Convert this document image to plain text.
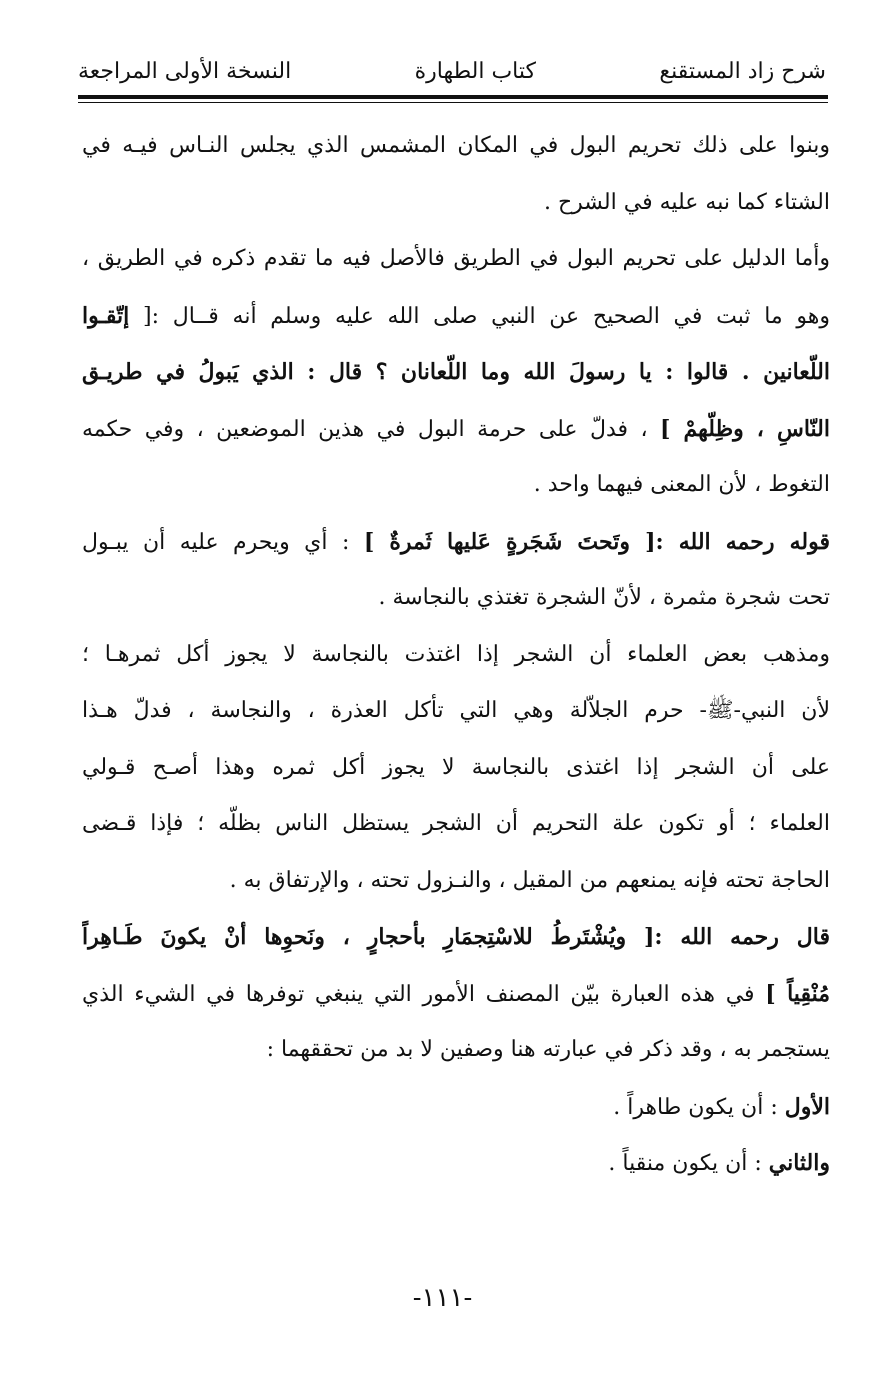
شرح زاد المستقنع
كتاب الطهارة
النسخة الأولى المراجعة
وبنوا على ذلك تحريم البول في المكان المشمس الذي يجلس النـاس فيـه في
الشتاء كما نبه عليه في الشرح .
وأما الدليل على تحريم البول في الطريق فالأصل فيه ما تقدم ذكره في الطريق ،
وهو ما ثبت في الصحيح عن النبي صلى الله عليه وسلم أنه قــال :[ إتّقـوا
اللّعانين . قالوا : يا رسولَ الله وما اللّعانان ؟ قال : الذي يَبولُ في طريـق
النّاسِ ، وظِلّهمْ ] ، فدلّ على حرمة البول في هذين الموضعين ، وفي حكمه
التغوط ، لأن المعنى فيهما واحد .
قوله رحمه الله :[ وتَحتَ شَجَرةٍ عَليها ثَمرةٌ ] : أي ويحرم عليه أن يبـول
تحت شجرة مثمرة ، لأنّ الشجرة تغتذي بالنجاسة .
ومذهب بعض العلماء أن الشجر إذا اغتذت بالنجاسة لا يجوز أكل ثمرهـا ؛
لأن النبي-ﷺ- حرم الجلاّلة وهي التي تأكل العذرة ، والنجاسة ، فدلّ هـذا
على أن الشجر إذا اغتذى بالنجاسة لا يجوز أكل ثمره وهذا أصـح قـولي
العلماء ؛ أو تكون علة التحريم أن الشجر يستظل الناس بظلّه ؛ فإذا قـضى
الحاجة تحته فإنه يمنعهم من المقيل ، والنـزول تحته ، والإرتفاق به .
قال رحمه الله :[ ويُشْتَرطُ للاسْتِجمَارِ بأحجارٍ ، ونَحوِها أنْ يكونَ طَـاهِراً
مُنْقِياً ] في هذه العبارة بيّن المصنف الأمور التي ينبغي توفرها في الشيء الذي
يستجمر به ، وقد ذكر في عبارته هنا وصفين لا بد من تحققهما :
الأول : أن يكون طاهراً .
والثاني : أن يكون منقياً .
-١١١-
